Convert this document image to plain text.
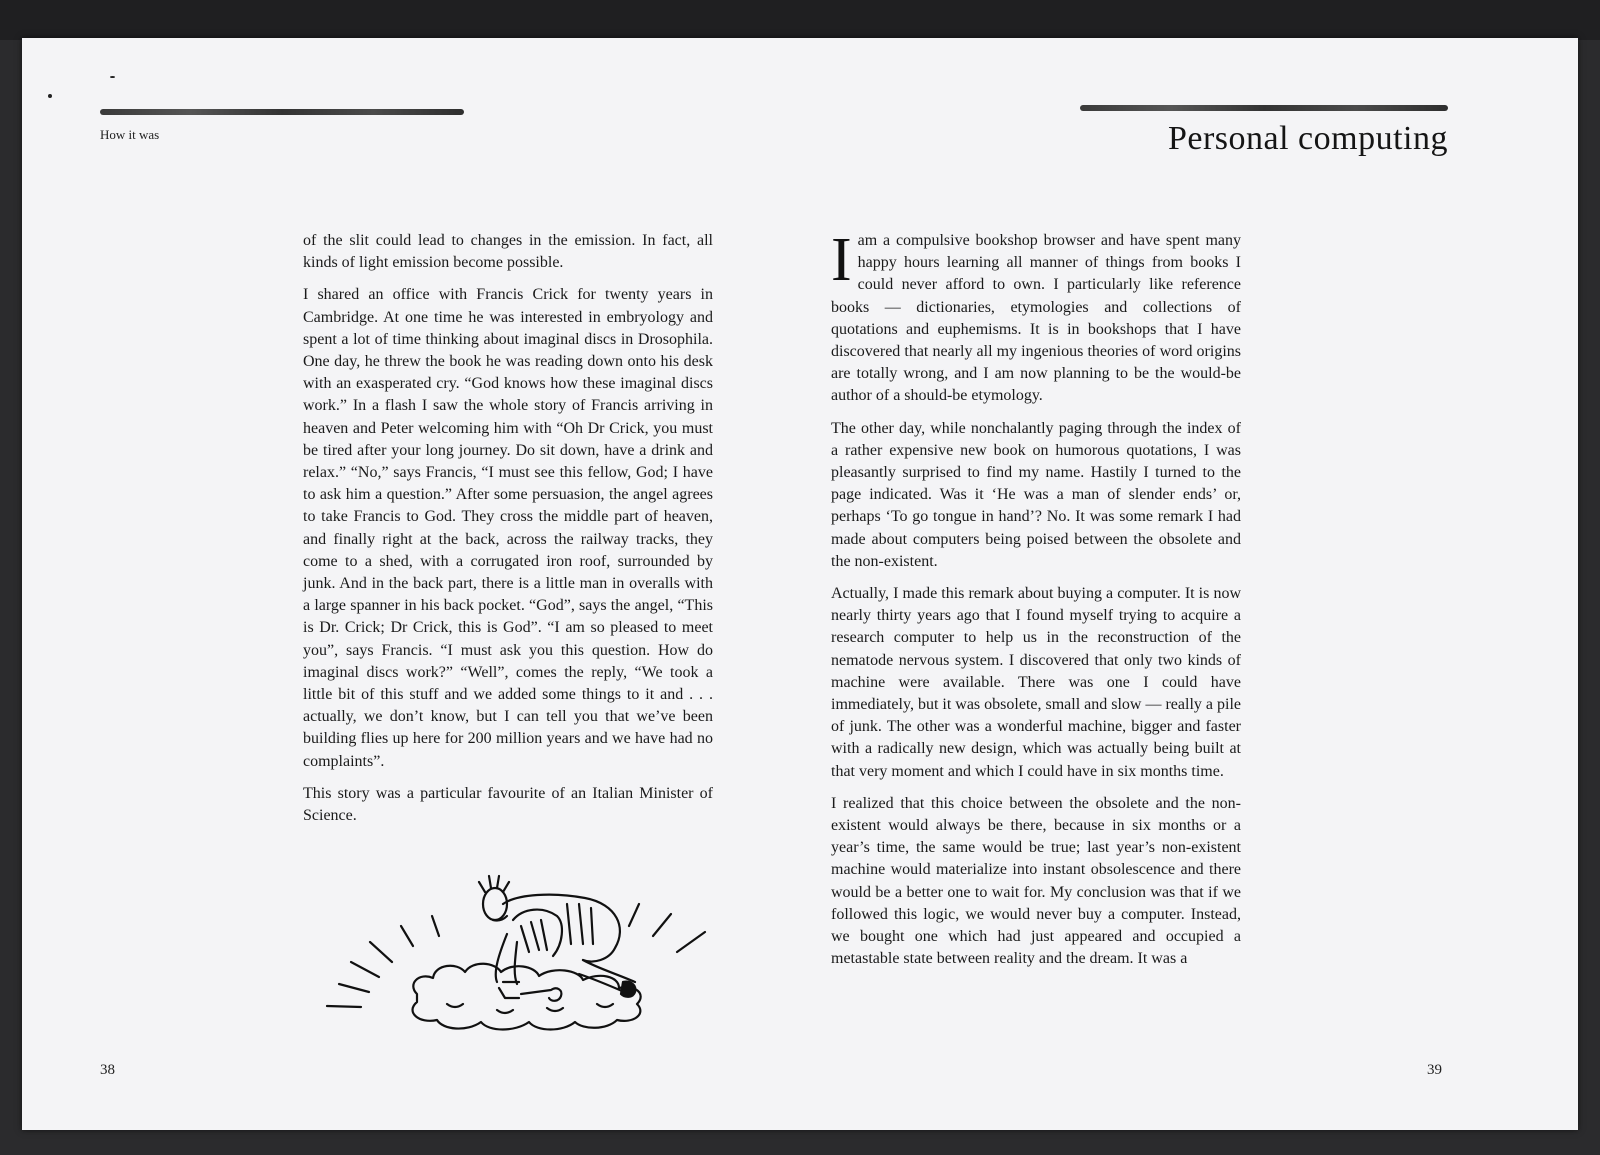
How it was	Personal computing

of the slit could lead to changes in the emission. In fact, all kinds of light emission become possible.

I shared an office with Francis Crick for twenty years in Cambridge. At one time he was interested in embryology and spent a lot of time thinking about imaginal discs in Drosophila. One day, he threw the book he was reading down onto his desk with an exasperated cry. “God knows how these imaginal discs work.” In a flash I saw the whole story of Francis arriving in heaven and Peter welcoming him with “Oh Dr Crick, you must be tired after your long journey. Do sit down, have a drink and relax.” “No,” says Francis, “I must see this fellow, God; I have to ask him a question.” After some persuasion, the angel agrees to take Francis to God. They cross the middle part of heaven, and finally right at the back, across the railway tracks, they come to a shed, with a corrugated iron roof, surrounded by junk. And in the back part, there is a little man in overalls with a large spanner in his back pocket. “God”, says the angel, “This is Dr. Crick; Dr Crick, this is God”. “I am so pleased to meet you”, says Francis. “I must ask you this question. How do imaginal discs work?” “Well”, comes the reply, “We took a little bit of this stuff and we added some things to it and . . . actually, we don’t know, but I can tell you that we’ve been building flies up here for 200 million years and we have had no complaints”.

This story was a particular favourite of an Italian Minister of Science.

Iam a compulsive bookshop browser and have spent many happy hours learning all manner of things from books I could never afford to own. I particularly like reference books — dictionaries, etymologies and collections of quotations and euphemisms. It is in bookshops that I have discovered that nearly all my ingenious theories of word origins are totally wrong, and I am now planning to be the would-be author of a should-be etymology.

The other day, while nonchalantly paging through the index of a rather expensive new book on humorous quotations, I was pleasantly surprised to find my name. Hastily I turned to the page indicated. Was it ‘He was a man of slender ends’ or, perhaps ‘To go tongue in hand’? No. It was some remark I had made about computers being poised between the obsolete and the non-existent.

Actually, I made this remark about buying a computer. It is now nearly thirty years ago that I found myself trying to acquire a research computer to help us in the reconstruction of the nematode nervous system. I discovered that only two kinds of machine were available. There was one I could have immediately, but it was obsolete, small and slow — really a pile of junk. The other was a wonderful machine, bigger and faster with a radically new design, which was actually being built at that very moment and which I could have in six months time.

I realized that this choice between the obsolete and the non-existent would always be there, because in six months or a year’s time, the same would be true; last year’s non-existent machine would materialize into instant obsolescence and there would be a better one to wait for. My conclusion was that if we followed this logic, we would never buy a computer. Instead, we bought one which had just appeared and occupied a metastable state between reality and the dream. It was a

38	39
